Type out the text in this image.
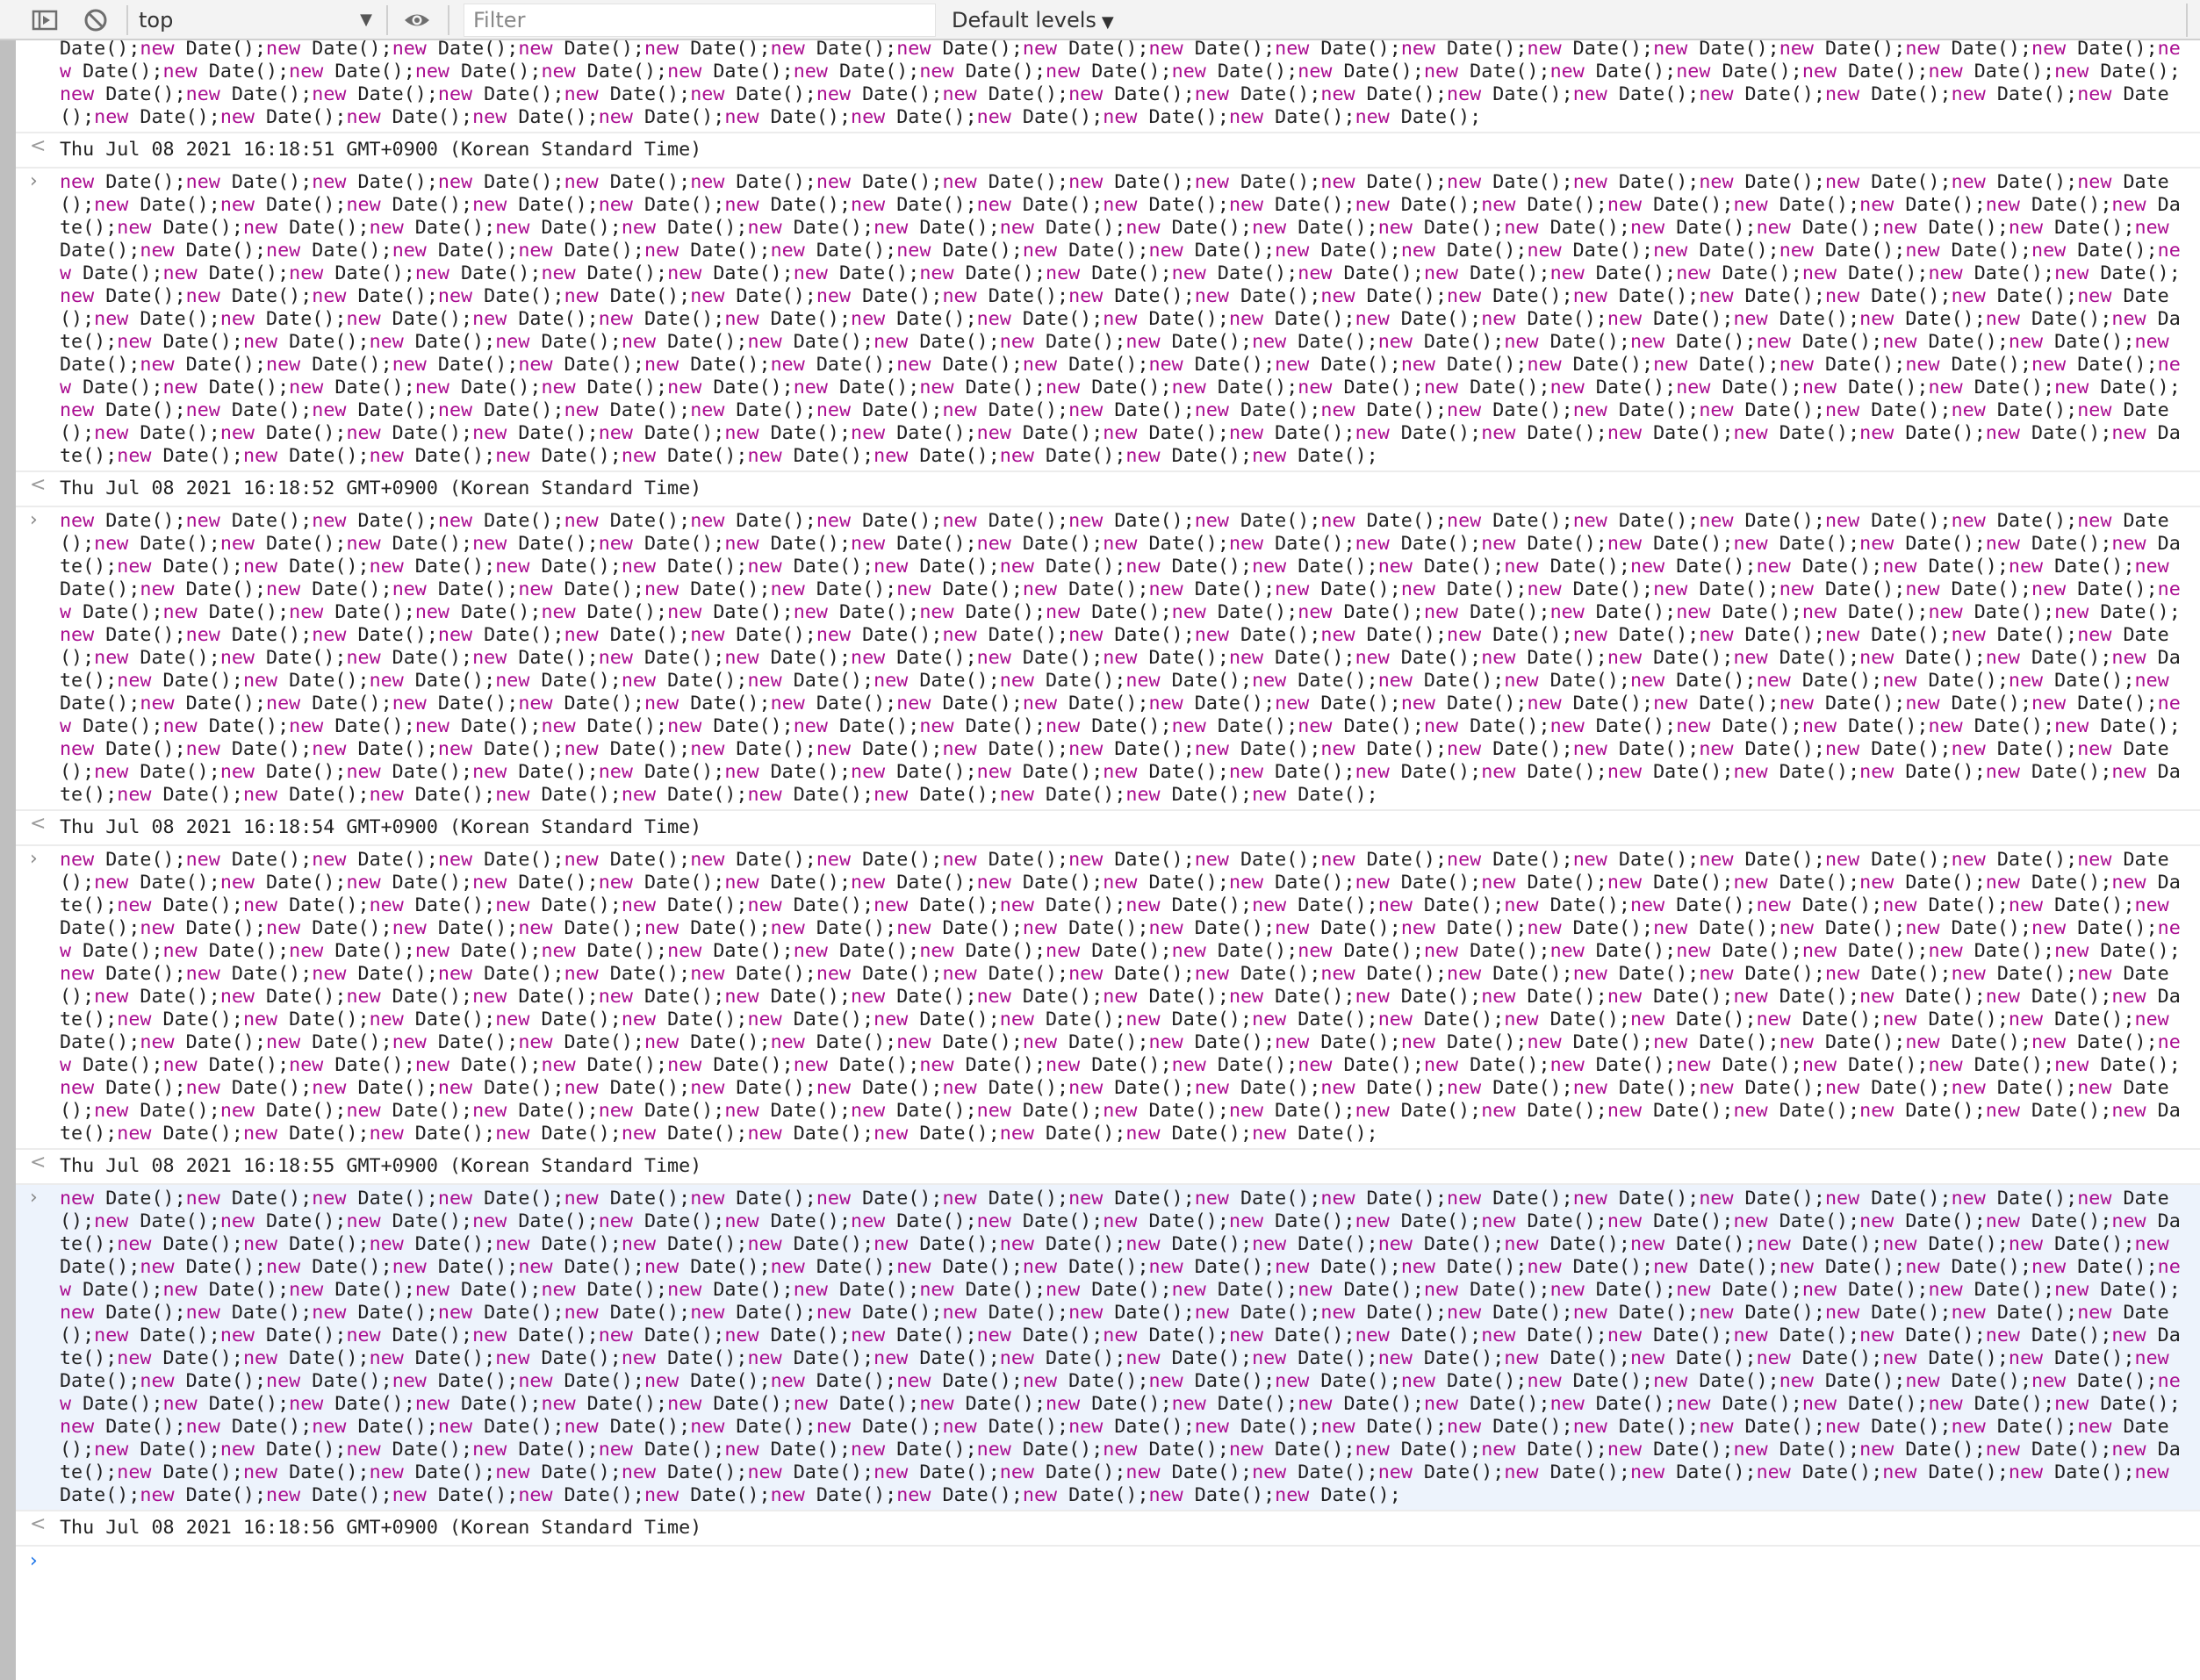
top	▼
Filter	Default levels ▼
Date();new Date();new Date();new Date();new Date();new Date();new Date();new Date();new Date();new Date();new Date();new Date();new Date();new Date();new Date();new Date();new Date();new Date();new Date();new Date();new Date();new Date();new Date();new Date();new Date();new Date();new Date();new Date();new Date();new Date();new Date();new Date();new Date();new Date();new Date();new Date();new Date();new Date();new Date();new Date();new Date();new Date();new Date();new Date();new Date();new Date();new Date();new Date();new Date();new Date();new Date();new Date();new Date();new Date();new Date();new Date();new Date();new Date();new Date();new Date();new Date();new Date();
< Thu Jul 08 2021 16:18:51 GMT+0900 (Korean Standard Time)
›	new Date();new Date();new Date();new Date();new Date();new Date();new Date();new Date();new Date();new Date();new Date();new Date();new Date();new Date();new Date();new Date();new Date();new Date();new Date();new Date();new Date();new Date();new Date();new Date();new Date();new Date();new Date();new Date();new Date();new Date();new Date();new Date();new Date();new Date();new Date();new Date();new Date();new Date();new Date();new Date();new Date();new Date();new Date();new Date();new Date();new Date();new Date();new Date();new Date();new Date();new Date();new Date();new Date();new Date();new Date();new Date();new Date();new Date();new Date();new Date();new Date();new Date();new Date();new Date();new Date();new Date();new Date();new Date();new Date();new Date();new Date();new Date();new Date();new Date();new Date();new Date();new Date();new Date();new Date();new Date();new Date();new Date();new Date();new Date();new Date();new Date();new Date();new Date();new Date();new Date();new Date();new Date();new Date();new Date();new Date();new Date();new Date();new Date();new Date();new Date();new Date();new Date();new Date();new Date();new Date();new Date();new Date();new Date();new Date();new Date();new Date();new Date();new Date();new Date();new Date();new Date();new Date();new Date();new Date();new Date();new Date();new Date();new Date();new Date();new Date();new Date();new Date();new Date();new Date();new Date();new Date();new Date();new Date();new Date();new Date();new Date();new Date();new Date();new Date();new Date();new Date();new Date();new Date();new Date();new Date();new Date();new Date();new Date();new Date();new Date();new Date();new Date();new Date();new Date();new Date();new Date();new Date();new Date();new Date();new Date();new Date();new Date();new Date();new Date();new Date();new Date();new Date();new Date();new Date();new Date();new Date();new Date();new Date();new Date();new Date();new Date();new Date();new Date();new Date();new Date();new Date();new Date();new Date();new Date();new Date();new Date();new Date();new Date();new Date();new Date();new Date();new Date();new Date();new Date();new Date();new Date();new Date();new Date();new Date();new Date();new Date();new Date();new Date();new Date();new Date();new Date();new Date();new Date();new Date();new Date();new Date();new Date();
< Thu Jul 08 2021 16:18:52 GMT+0900 (Korean Standard Time)
›	new Date();new Date();new Date();new Date();new Date();new Date();new Date();new Date();new Date();new Date();new Date();new Date();new Date();new Date();new Date();new Date();new Date();new Date();new Date();new Date();new Date();new Date();new Date();new Date();new Date();new Date();new Date();new Date();new Date();new Date();new Date();new Date();new Date();new Date();new Date();new Date();new Date();new Date();new Date();new Date();new Date();new Date();new Date();new Date();new Date();new Date();new Date();new Date();new Date();new Date();new Date();new Date();new Date();new Date();new Date();new Date();new Date();new Date();new Date();new Date();new Date();new Date();new Date();new Date();new Date();new Date();new Date();new Date();new Date();new Date();new Date();new Date();new Date();new Date();new Date();new Date();new Date();new Date();new Date();new Date();new Date();new Date();new Date();new Date();new Date();new Date();new Date();new Date();new Date();new Date();new Date();new Date();new Date();new Date();new Date();new Date();new Date();new Date();new Date();new Date();new Date();new Date();new Date();new Date();new Date();new Date();new Date();new Date();new Date();new Date();new Date();new Date();new Date();new Date();new Date();new Date();new Date();new Date();new Date();new Date();new Date();new Date();new Date();new Date();new Date();new Date();new Date();new Date();new Date();new Date();new Date();new Date();new Date();new Date();new Date();new Date();new Date();new Date();new Date();new Date();new Date();new Date();new Date();new Date();new Date();new Date();new Date();new Date();new Date();new Date();new Date();new Date();new Date();new Date();new Date();new Date();new Date();new Date();new Date();new Date();new Date();new Date();new Date();new Date();new Date();new Date();new Date();new Date();new Date();new Date();new Date();new Date();new Date();new Date();new Date();new Date();new Date();new Date();new Date();new Date();new Date();new Date();new Date();new Date();new Date();new Date();new Date();new Date();new Date();new Date();new Date();new Date();new Date();new Date();new Date();new Date();new Date();new Date();new Date();new Date();new Date();new Date();new Date();new Date();new Date();new Date();new Date();new Date();new Date();new Date();new Date();new Date();
< Thu Jul 08 2021 16:18:54 GMT+0900 (Korean Standard Time)
›	new Date();new Date();new Date();new Date();new Date();new Date();new Date();new Date();new Date();new Date();new Date();new Date();new Date();new Date();new Date();new Date();new Date();new Date();new Date();new Date();new Date();new Date();new Date();new Date();new Date();new Date();new Date();new Date();new Date();new Date();new Date();new Date();new Date();new Date();new Date();new Date();new Date();new Date();new Date();new Date();new Date();new Date();new Date();new Date();new Date();new Date();new Date();new Date();new Date();new Date();new Date();new Date();new Date();new Date();new Date();new Date();new Date();new Date();new Date();new Date();new Date();new Date();new Date();new Date();new Date();new Date();new Date();new Date();new Date();new Date();new Date();new Date();new Date();new Date();new Date();new Date();new Date();new Date();new Date();new Date();new Date();new Date();new Date();new Date();new Date();new Date();new Date();new Date();new Date();new Date();new Date();new Date();new Date();new Date();new Date();new Date();new Date();new Date();new Date();new Date();new Date();new Date();new Date();new Date();new Date();new Date();new Date();new Date();new Date();new Date();new Date();new Date();new Date();new Date();new Date();new Date();new Date();new Date();new Date();new Date();new Date();new Date();new Date();new Date();new Date();new Date();new Date();new Date();new Date();new Date();new Date();new Date();new Date();new Date();new Date();new Date();new Date();new Date();new Date();new Date();new Date();new Date();new Date();new Date();new Date();new Date();new Date();new Date();new Date();new Date();new Date();new Date();new Date();new Date();new Date();new Date();new Date();new Date();new Date();new Date();new Date();new Date();new Date();new Date();new Date();new Date();new Date();new Date();new Date();new Date();new Date();new Date();new Date();new Date();new Date();new Date();new Date();new Date();new Date();new Date();new Date();new Date();new Date();new Date();new Date();new Date();new Date();new Date();new Date();new Date();new Date();new Date();new Date();new Date();new Date();new Date();new Date();new Date();new Date();new Date();new Date();new Date();new Date();new Date();new Date();new Date();new Date();new Date();new Date();new Date();new Date();new Date();
< Thu Jul 08 2021 16:18:55 GMT+0900 (Korean Standard Time)
›	new Date();new Date();new Date();new Date();new Date();new Date();new Date();new Date();new Date();new Date();new Date();new Date();new Date();new Date();new Date();new Date();new Date();new Date();new Date();new Date();new Date();new Date();new Date();new Date();new Date();new Date();new Date();new Date();new Date();new Date();new Date();new Date();new Date();new Date();new Date();new Date();new Date();new Date();new Date();new Date();new Date();new Date();new Date();new Date();new Date();new Date();new Date();new Date();new Date();new Date();new Date();new Date();new Date();new Date();new Date();new Date();new Date();new Date();new Date();new Date();new Date();new Date();new Date();new Date();new Date();new Date();new Date();new Date();new Date();new Date();new Date();new Date();new Date();new Date();new Date();new Date();new Date();new Date();new Date();new Date();new Date();new Date();new Date();new Date();new Date();new Date();new Date();new Date();new Date();new Date();new Date();new Date();new Date();new Date();new Date();new Date();new Date();new Date();new Date();new Date();new Date();new Date();new Date();new Date();new Date();new Date();new Date();new Date();new Date();new Date();new Date();new Date();new Date();new Date();new Date();new Date();new Date();new Date();new Date();new Date();new Date();new Date();new Date();new Date();new Date();new Date();new Date();new Date();new Date();new Date();new Date();new Date();new Date();new Date();new Date();new Date();new Date();new Date();new Date();new Date();new Date();new Date();new Date();new Date();new Date();new Date();new Date();new Date();new Date();new Date();new Date();new Date();new Date();new Date();new Date();new Date();new Date();new Date();new Date();new Date();new Date();new Date();new Date();new Date();new Date();new Date();new Date();new Date();new Date();new Date();new Date();new Date();new Date();new Date();new Date();new Date();new Date();new Date();new Date();new Date();new Date();new Date();new Date();new Date();new Date();new Date();new Date();new Date();new Date();new Date();new Date();new Date();new Date();new Date();new Date();new Date();new Date();new Date();new Date();new Date();new Date();new Date();new Date();new Date();new Date();new Date();new Date();new Date();new Date();new Date();new Date();new Date();new Date();new Date();new Date();new Date();new Date();new Date();new Date();new Date();new Date();new Date();new Date();new Date();new Date();new Date();new Date();new Date();new Date();
< Thu Jul 08 2021 16:18:56 GMT+0900 (Korean Standard Time)
›
